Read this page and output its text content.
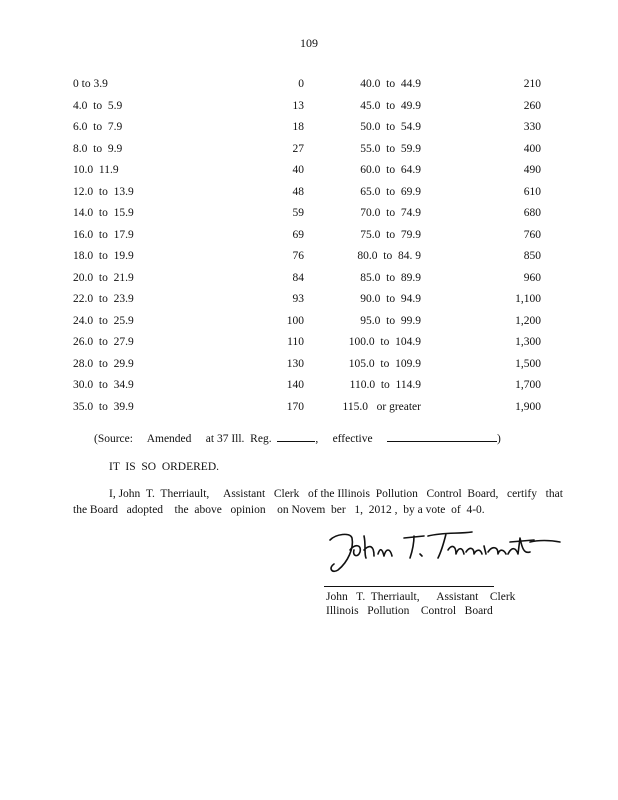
109
0 to 3.9	0	40.0  to  44.9	210
4.0  to  5.9	13	45.0  to  49.9	260
6.0  to  7.9	18	50.0  to  54.9	330
8.0  to  9.9	27	55.0  to  59.9	400
10.0  11.9	40	60.0  to  64.9	490
12.0  to  13.9	48	65.0  to  69.9	610
14.0  to  15.9	59	70.0  to  74.9	680
16.0  to  17.9	69	75.0  to  79.9	760
18.0  to  19.9	76	80.0  to  84. 9	850
20.0  to  21.9	84	85.0  to  89.9	960
22.0  to  23.9	93	90.0  to  94.9	1,100
24.0  to  25.9	100	95.0  to  99.9	1,200
26.0  to  27.9	110	100.0  to  104.9	1,300
28.0  to  29.9	130	105.0  to  109.9	1,500
30.0  to  34.9	140	110.0  to  114.9	1,700
35.0  to  39.9	170	115.0   or greater	1,900
(Source:     Amended     at 37 Ill.  Reg.	, effective	)
IT  IS  SO  ORDERED.
I, John  T.  Therriault,     Assistant   Clerk   of the Illinois  Pollution   Control  Board,   certify   that
the Board   adopted    the  above   opinion    on Novem  ber   1,  2012 ,  by a vote  of  4-0.
John   T.  Therriault,      Assistant    Clerk
Illinois   Pollution    Control   Board
